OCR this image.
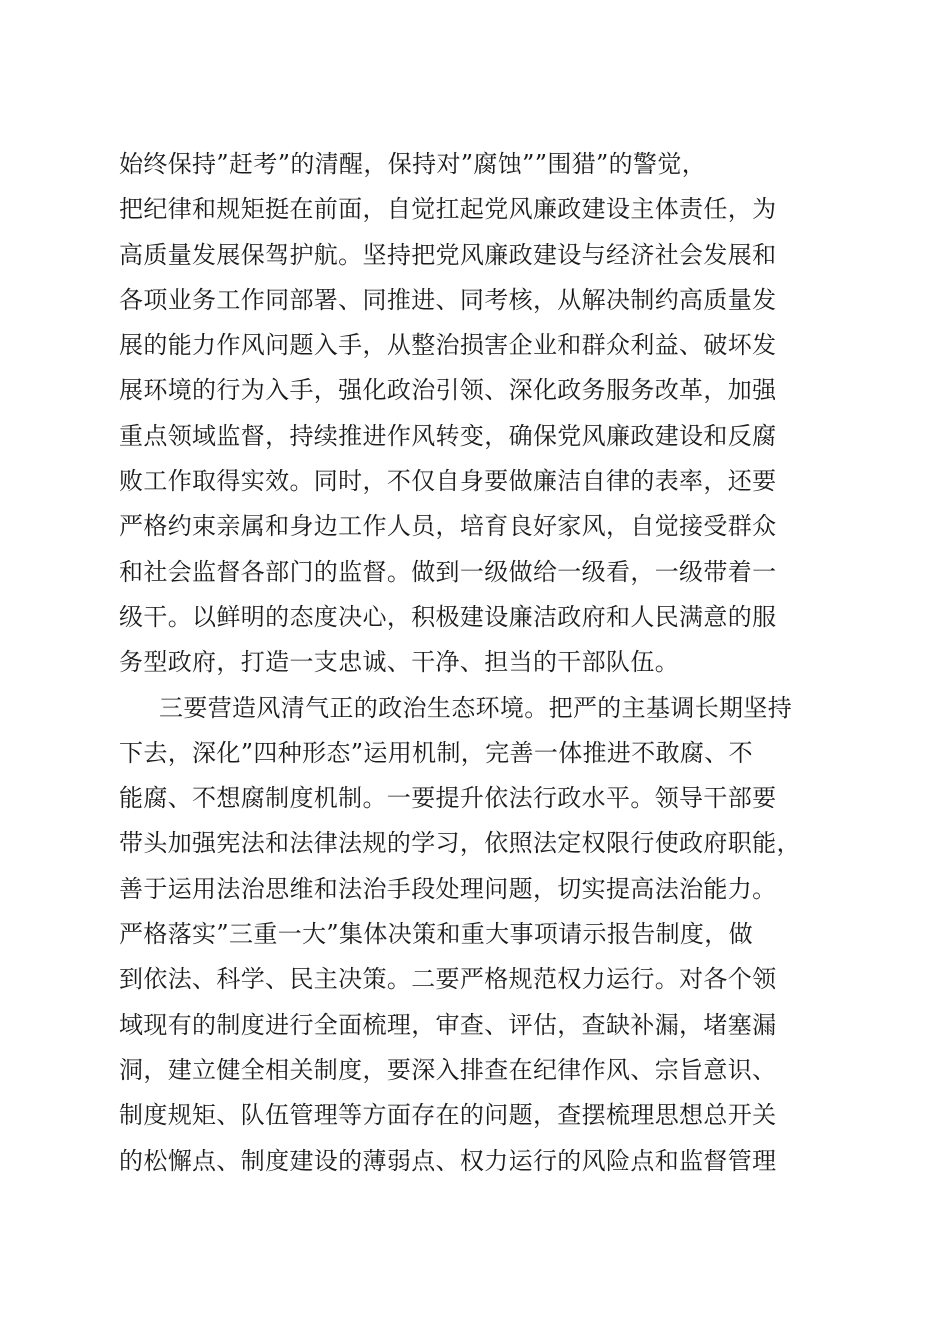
始终保持”赶考”的清醒，保持对”腐蚀””围猎”的警觉，
把纪律和规矩挺在前面，自觉扛起党风廉政建设主体责任，为
高质量发展保驾护航。坚持把党风廉政建设与经济社会发展和
各项业务工作同部署、同推进、同考核，从解决制约高质量发
展的能力作风问题入手，从整治损害企业和群众利益、破坏发
展环境的行为入手，强化政治引领、深化政务服务改革，加强
重点领域监督，持续推进作风转变，确保党风廉政建设和反腐
败工作取得实效。同时，不仅自身要做廉洁自律的表率，还要
严格约束亲属和身边工作人员，培育良好家风，自觉接受群众
和社会监督各部门的监督。做到一级做给一级看，一级带着一
级干。以鲜明的态度决心，积极建设廉洁政府和人民满意的服
务型政府，打造一支忠诚、干净、担当的干部队伍。
三要营造风清气正的政治生态环境。把严的主基调长期坚持
下去，深化”四种形态”运用机制，完善一体推进不敢腐、不
能腐、不想腐制度机制。一要提升依法行政水平。领导干部要
带头加强宪法和法律法规的学习，依照法定权限行使政府职能，
善于运用法治思维和法治手段处理问题，切实提高法治能力。
严格落实”三重一大”集体决策和重大事项请示报告制度，做
到依法、科学、民主决策。二要严格规范权力运行。对各个领
域现有的制度进行全面梳理，审查、评估，查缺补漏，堵塞漏
洞，建立健全相关制度，要深入排查在纪律作风、宗旨意识、
制度规矩、队伍管理等方面存在的问题，查摆梳理思想总开关
的松懈点、制度建设的薄弱点、权力运行的风险点和监督管理
